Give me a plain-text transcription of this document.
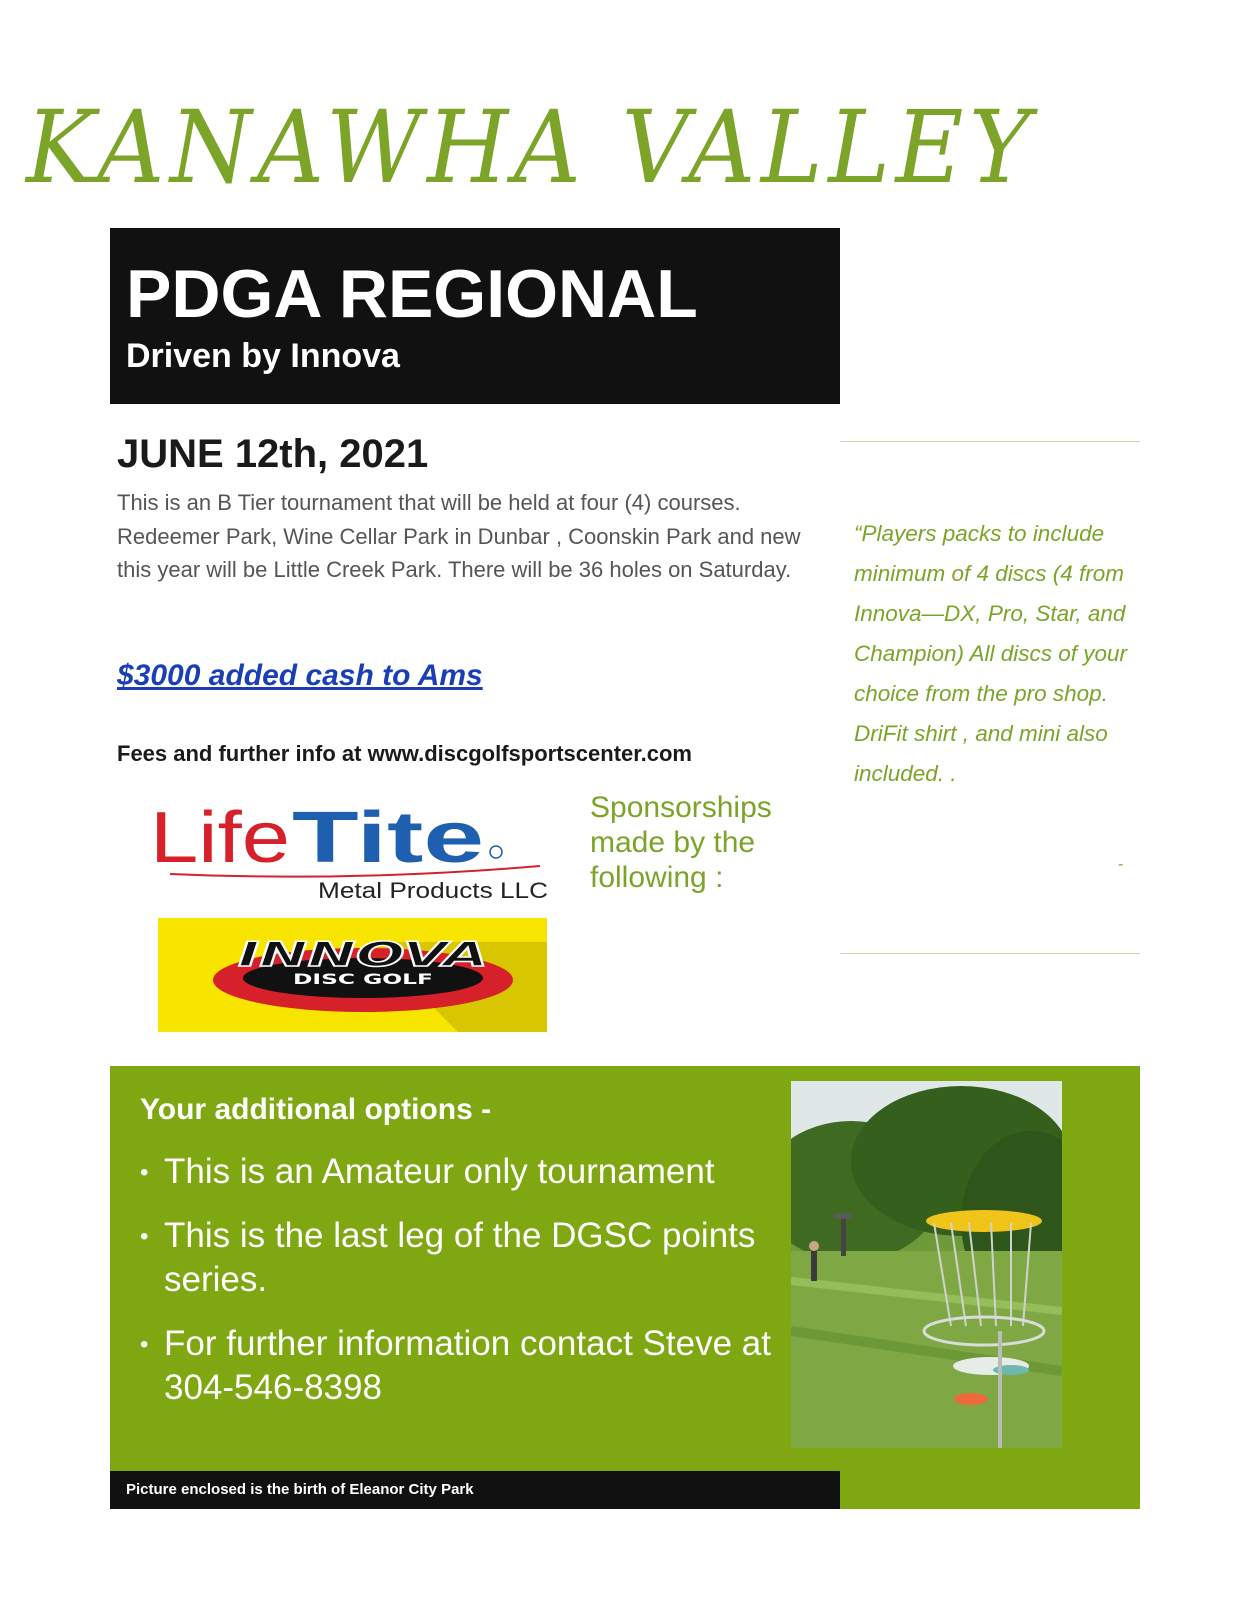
KANAWHA VALLEY
PDGA REGIONAL
Driven by Innova
JUNE 12th, 2021
This is an B Tier tournament that will be held at four (4) courses. Redeemer Park, Wine Cellar Park in Dunbar , Coonskin Park and new this year will be Little Creek Park. There will be 36 holes on Saturday.
$3000 added cash to Ams
Fees and further info at www.discgolfsportscenter.com
“Players packs to include minimum of 4 discs (4 from Innova—DX, Pro, Star, and Champion) All discs of your choice from the pro shop. DriFit shirt , and mini also included. .
-
Sponsorships made by the following :
Life Tite
Metal Products LLC
INNOVA
DISC GOLF
Your additional options -
• This is an Amateur only tournament
• This is the last leg of the DGSC points series.
• For further information contact Steve at 304-546-8398
Picture enclosed is the birth of Eleanor City Park
